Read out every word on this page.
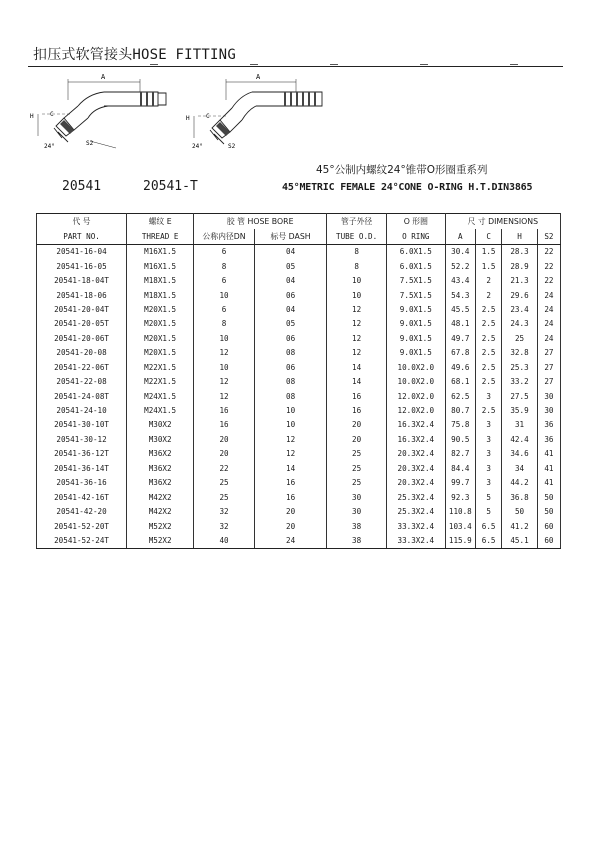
扣压式软管接头HOSE FITTING
A
H	C
24°	S2
A
H	C
24°	S2
20541	20541-T
45°公制内螺纹24°锥带O形圈重系列
45°METRIC FEMALE 24°CONE O-RING H.T.DIN3865
代 号	螺纹 E	胶 管 HOSE BORE		管子外径	O 形圈	尺 寸 DIMENSIONS			
PART NO.	THREAD E	公称内径DN	标号 DASH	TUBE O.D.	O RING	A	C	H	S2
20541-16-04	M16X1.5	6	04	8	6.0X1.5	30.4	1.5	28.3	22
20541-16-05	M16X1.5	8	05	8	6.0X1.5	52.2	1.5	28.9	22
20541-18-04T	M18X1.5	6	04	10	7.5X1.5	43.4	2	21.3	22
20541-18-06	M18X1.5	10	06	10	7.5X1.5	54.3	2	29.6	24
20541-20-04T	M20X1.5	6	04	12	9.0X1.5	45.5	2.5	23.4	24
20541-20-05T	M20X1.5	8	05	12	9.0X1.5	48.1	2.5	24.3	24
20541-20-06T	M20X1.5	10	06	12	9.0X1.5	49.7	2.5	25	24
20541-20-08	M20X1.5	12	08	12	9.0X1.5	67.8	2.5	32.8	27
20541-22-06T	M22X1.5	10	06	14	10.0X2.0	49.6	2.5	25.3	27
20541-22-08	M22X1.5	12	08	14	10.0X2.0	68.1	2.5	33.2	27
20541-24-08T	M24X1.5	12	08	16	12.0X2.0	62.5	3	27.5	30
20541-24-10	M24X1.5	16	10	16	12.0X2.0	80.7	2.5	35.9	30
20541-30-10T	M30X2	16	10	20	16.3X2.4	75.8	3	31	36
20541-30-12	M30X2	20	12	20	16.3X2.4	90.5	3	42.4	36
20541-36-12T	M36X2	20	12	25	20.3X2.4	82.7	3	34.6	41
20541-36-14T	M36X2	22	14	25	20.3X2.4	84.4	3	34	41
20541-36-16	M36X2	25	16	25	20.3X2.4	99.7	3	44.2	41
20541-42-16T	M42X2	25	16	30	25.3X2.4	92.3	5	36.8	50
20541-42-20	M42X2	32	20	30	25.3X2.4	110.8	5	50	50
20541-52-20T	M52X2	32	20	38	33.3X2.4	103.4	6.5	41.2	60
20541-52-24T	M52X2	40	24	38	33.3X2.4	115.9	6.5	45.1	60
